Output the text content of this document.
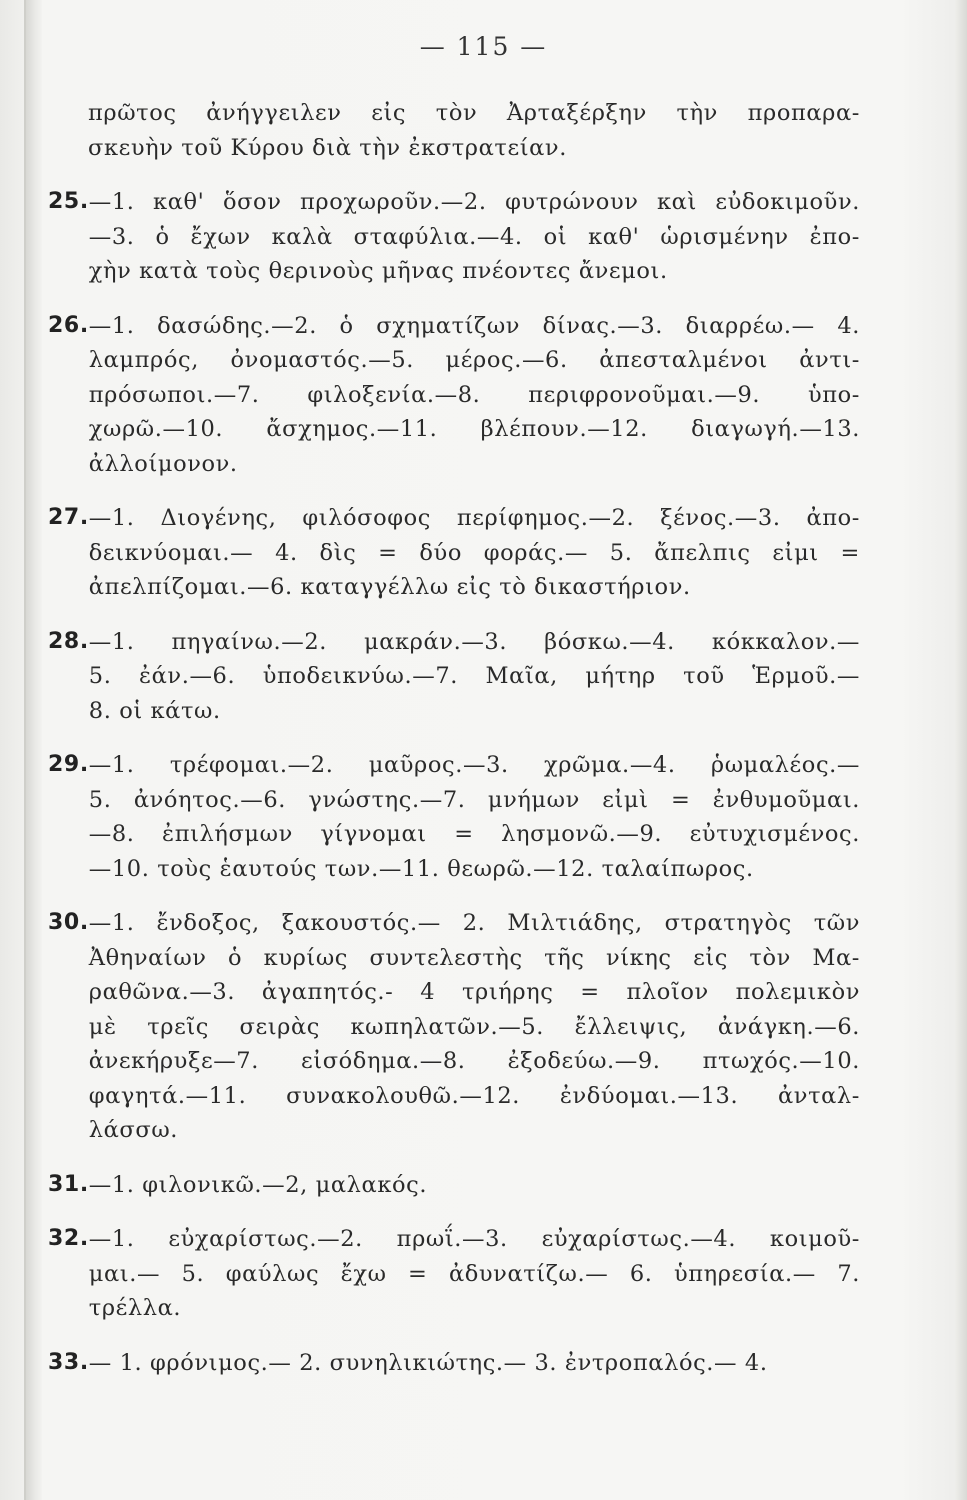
— 115 —
πρῶτος ἀνήγγειλεν εἰς τὸν Ἀρταξέρξην τὴν προπαρα-
σκευὴν τοῦ Κύρου διὰ τὴν ἐκστρατείαν.
25. —1. καθ' ὅσον προχωροῦν.—2. φυτρώνουν καὶ εὐδοκιμοῦν.
—3. ὁ ἔχων καλὰ σταφύλια.—4. οἱ καθ' ὡρισμένην ἐπο-
χὴν κατὰ τοὺς θερινοὺς μῆνας πνέοντες ἄνεμοι.
26. —1. δασώδης.—2. ὁ σχηματίζων δίνας.—3. διαρρέω.— 4.
λαμπρός, ὀνομαστός.—5. μέρος.—6. ἀπεσταλμένοι ἀντι-
πρόσωποι.—7. φιλοξενία.—8. περιφρονοῦμαι.—9. ὑπο-
χωρῶ.—10. ἄσχημος.—11. βλέπουν.—12. διαγωγή.—13.
ἀλλοίμονον.
27. —1. Διογένης, φιλόσοφος περίφημος.—2. ξένος.—3. ἀπο-
δεικνύομαι.— 4. δὶς = δύο φοράς.— 5. ἄπελπις εἰμι =
ἀπελπίζομαι.—6. καταγγέλλω εἰς τὸ δικαστήριον.
28. —1. πηγαίνω.—2. μακράν.—3. βόσκω.—4. κόκκαλον.—
5. ἐάν.—6. ὑποδεικνύω.—7. Μαῖα, μήτηρ τοῦ Ἑρμοῦ.—
8. οἱ κάτω.
29. —1. τρέφομαι.—2. μαῦρος.—3. χρῶμα.—4. ῥωμαλέος.—
5. ἀνόητος.—6. γνώστης.—7. μνήμων εἰμὶ = ἐνθυμοῦμαι.
—8. ἐπιλήσμων γίγνομαι = λησμονῶ.—9. εὐτυχισμένος.
—10. τοὺς ἑαυτούς των.—11. θεωρῶ.—12. ταλαίπωρος.
30. —1. ἔνδοξος, ξακουστός.— 2. Μιλτιάδης, στρατηγὸς τῶν
Ἀθηναίων ὁ κυρίως συντελεστὴς τῆς νίκης εἰς τὸν Μα-
ραθῶνα.—3. ἀγαπητός.- 4 τριήρης = πλοῖον πολεμικὸν
μὲ τρεῖς σειρὰς κωπηλατῶν.—5. ἔλλειψις, ἀνάγκη.—6.
ἀνεκήρυξε—7. εἰσόδημα.—8. ἐξοδεύω.—9. πτωχός.—10.
φαγητά.—11. συνακολουθῶ.—12. ἐνδύομαι.—13. ἀνταλ-
λάσσω.
31. —1. φιλονικῶ.—2, μαλακός.
32. —1. εὐχαρίστως.—2. πρωΐ.—3. εὐχαρίστως.—4. κοιμοῦ-
μαι.— 5. φαύλως ἔχω = ἀδυνατίζω.— 6. ὑπηρεσία.— 7.
τρέλλα.
33. — 1. φρόνιμος.— 2. συνηλικιώτης.— 3. ἐντροπαλός.— 4.
